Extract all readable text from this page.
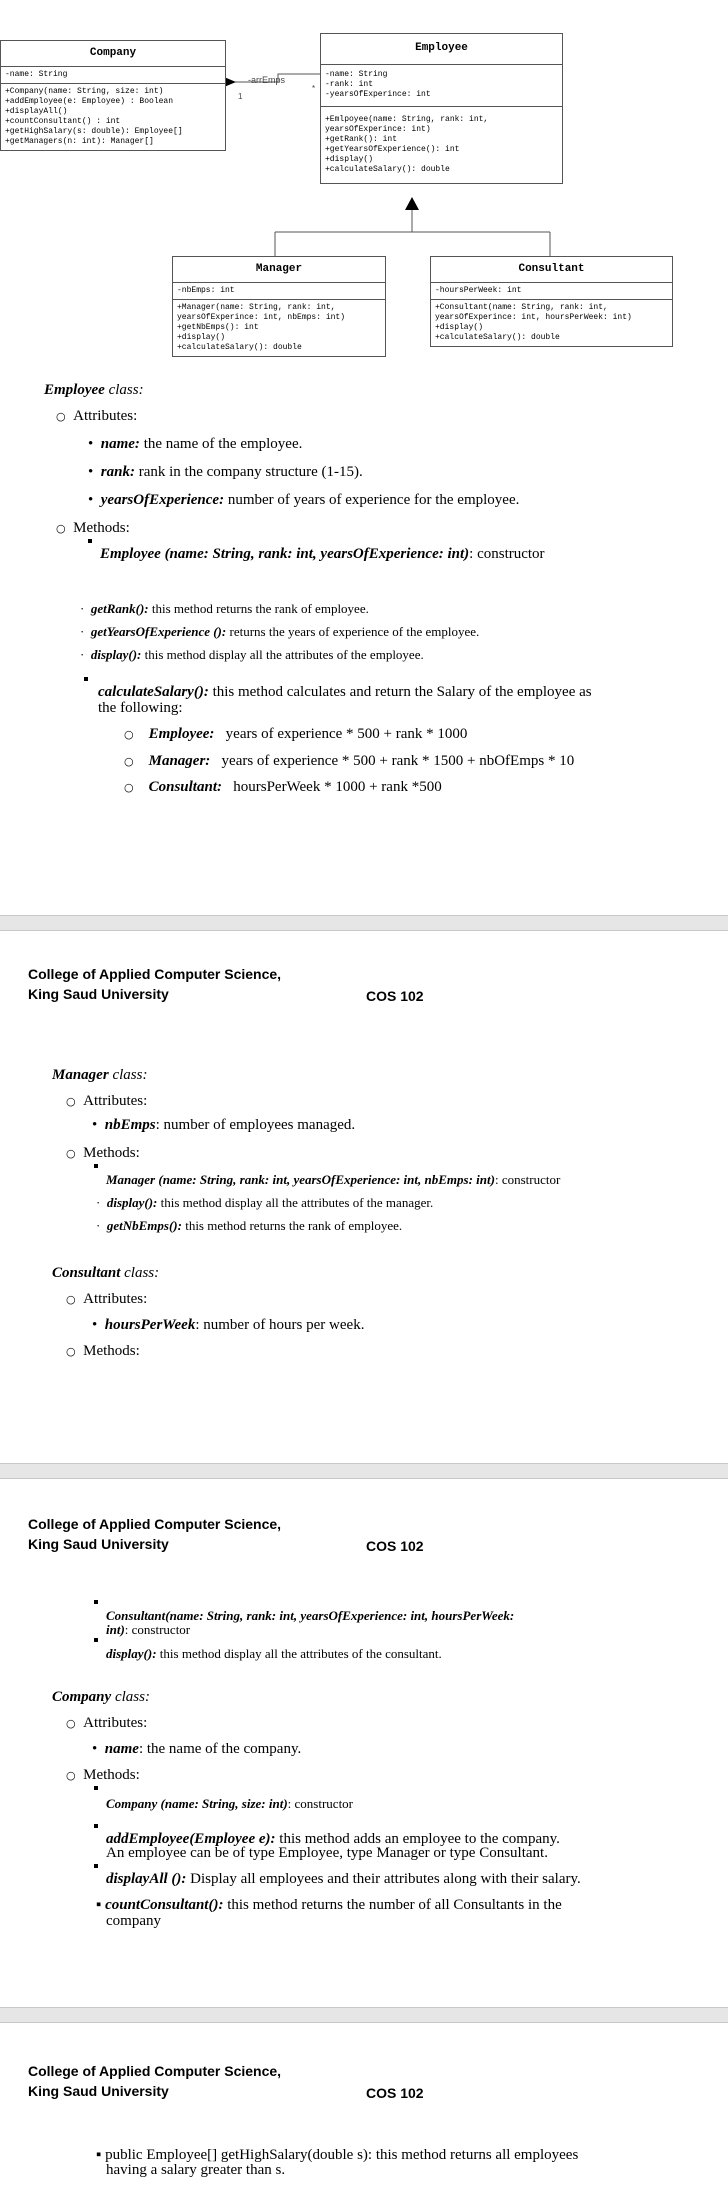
-arrEmps
1
*
Company
-name: String
+Company(name: String, size: int)
+addEmployee(e: Employee) : Boolean
+displayAll()
+countConsultant() : int
+getHighSalary(s: double): Employee[]
+getManagers(n: int): Manager[]
Employee
-name: String
-rank: int
-yearsOfExperince: int
+Emlpoyee(name: String, rank: int,
yearsOfExperince: int)
+getRank(): int
+getYearsOfExperience(): int
+display()
+calculateSalary(): double
Manager
-nbEmps: int
+Manager(name: String, rank: int,
yearsOfExperince: int, nbEmps: int)
+getNbEmps(): int
+display()
+calculateSalary(): double
Consultant
-hoursPerWeek: int
+Consultant(name: String, rank: int,
yearsOfExperince: int, hoursPerWeek: int)
+display()
+calculateSalary(): double
Employee class:
○ Attributes:
• name: the name of the employee.
• rank: rank in the company structure (1-15).
• yearsOfExperience: number of years of experience for the employee.
○ Methods:
Employee (name: String, rank: int, yearsOfExperience: int): constructor
· getRank(): this method returns the rank of employee.
· getYearsOfExperience (): returns the years of experience of the employee.
· display(): this method display all the attributes of the employee.
calculateSalary(): this method calculates and return the Salary of the employee as
the following:
○ Employee: years of experience * 500 + rank * 1000
○ Manager: years of experience * 500 + rank * 1500 + nbOfEmps * 10
○ Consultant: hoursPerWeek * 1000 + rank *500
College of Applied Computer Science,
King Saud University	COS 102
Manager class:
○ Attributes:
• nbEmps: number of employees managed.
○ Methods:
Manager (name: String, rank: int, yearsOfExperience: int, nbEmps: int): constructor
· display(): this method display all the attributes of the manager.
· getNbEmps(): this method returns the rank of employee.
Consultant class:
○ Attributes:
• hoursPerWeek: number of hours per week.
○ Methods:
College of Applied Computer Science,
King Saud University	COS 102
Consultant(name: String, rank: int, yearsOfExperience: int, hoursPerWeek:
int): constructor
display(): this method display all the attributes of the consultant.
Company class:
○ Attributes:
• name: the name of the company.
○ Methods:
Company (name: String, size: int): constructor
addEmployee(Employee e): this method adds an employee to the company.
An employee can be of type Employee, type Manager or type Consultant.
displayAll (): Display all employees and their attributes along with their salary.
▪ countConsultant(): this method returns the number of all Consultants in the
company
College of Applied Computer Science,
King Saud University	COS 102
▪ public Employee[] getHighSalary(double s): this method returns all employees
having a salary greater than s.
